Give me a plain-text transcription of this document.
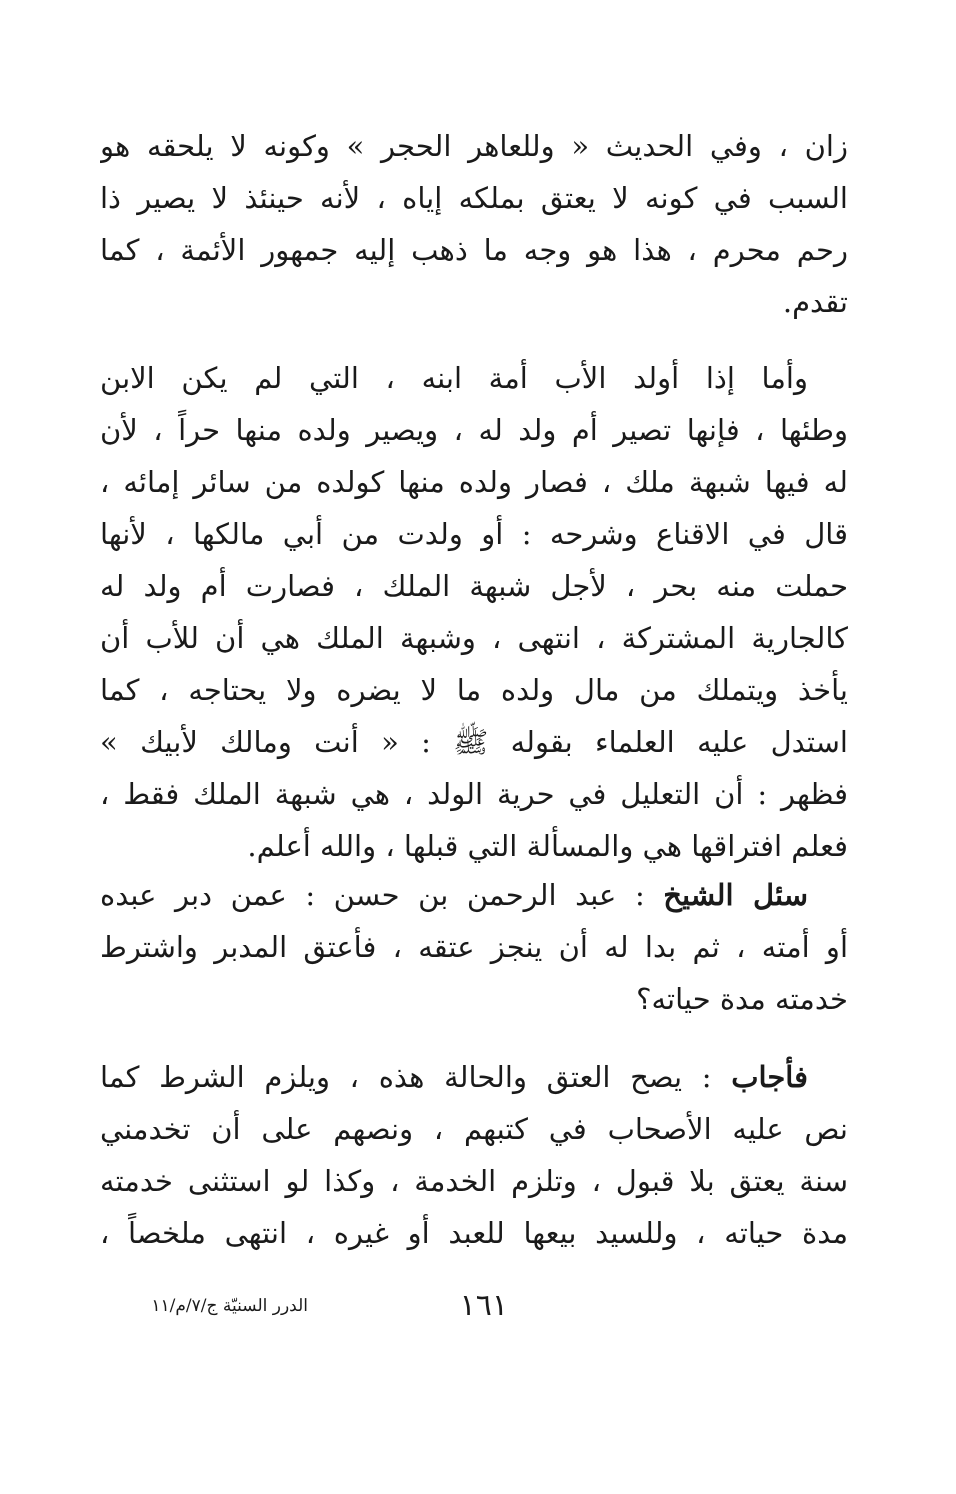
زان ، وفي الحديث « وللعاهر الحجر » وكونه لا يلحقه هو
السبب في كونه لا يعتق بملكه إياه ، لأنه حينئذ لا يصير ذا
رحم محرم ، هذا هو وجه ما ذهب إليه جمهور الأئمة ، كما
تقدم.

وأما إذا أولد الأب أمة ابنه ، التي لم يكن الابن
وطئها ، فإنها تصير أم ولد له ، ويصير ولده منها حراً ، لأن
له فيها شبهة ملك ، فصار ولده منها كولده من سائر إمائه ،
قال في الاقناع وشرحه : أو ولدت من أبي مالكها ، لأنها
حملت منه بحر ، لأجل شبهة الملك ، فصارت أم ولد له
كالجارية المشتركة ، انتهى ، وشبهة الملك هي أن للأب أن
يأخذ ويتملك من مال ولده ما لا يضره ولا يحتاجه ، كما
استدل عليه العلماء بقوله ﷺ : « أنت ومالك لأبيك »
فظهر : أن التعليل في حرية الولد ، هي شبهة الملك فقط ،
فعلم افتراقها هي والمسألة التي قبلها ، والله أعلم.

سئل الشيخ : عبد الرحمن بن حسن : عمن دبر عبده
أو أمته ، ثم بدا له أن ينجز عتقه ، فأعتق المدبر واشترط
خدمته مدة حياته؟

فأجاب : يصح العتق والحالة هذه ، ويلزم الشرط كما
نص عليه الأصحاب في كتبهم ، ونصهم على أن تخدمني
سنة يعتق بلا قبول ، وتلزم الخدمة ، وكذا لو استثنى خدمته
مدة حياته ، وللسيد بيعها للعبد أو غيره ، انتهى ملخصاً ،

١٦١
الدرر السنيّة ج/٧/م/١١
